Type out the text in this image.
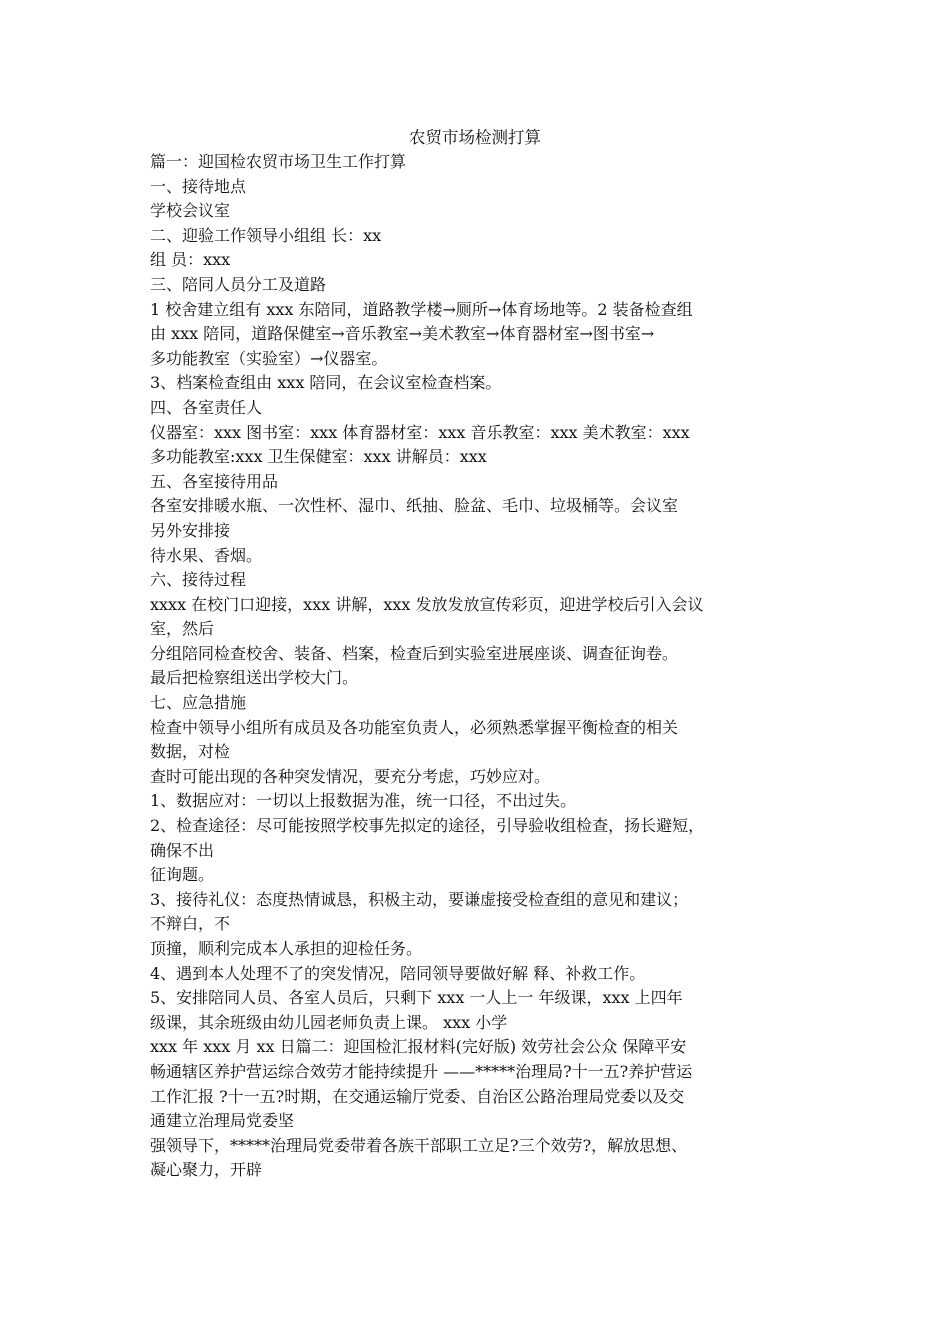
农贸市场检测打算
篇一：迎国检农贸市场卫生工作打算
一、接待地点
学校会议室
二、迎验工作领导小组组 长：xx
组 员：xxx
三、陪同人员分工及道路
1 校舍建立组有 xxx 东陪同，道路教学楼→厕所→体育场地等。2 装备检查组
由 xxx 陪同，道路保健室→音乐教室→美术教室→体育器材室→图书室→
多功能教室（实验室）→仪器室。
3、档案检查组由 xxx 陪同，在会议室检查档案。
四、各室责任人
仪器室：xxx 图书室：xxx 体育器材室：xxx 音乐教室：xxx 美术教室：xxx
多功能教室:xxx 卫生保健室：xxx 讲解员：xxx
五、各室接待用品
各室安排暖水瓶、一次性杯、湿巾、纸抽、脸盆、毛巾、垃圾桶等。会议室
另外安排接
待水果、香烟。
六、接待过程
xxxx 在校门口迎接，xxx 讲解，xxx 发放发放宣传彩页，迎进学校后引入会议
室，然后
分组陪同检查校舍、装备、档案，检查后到实验室进展座谈、调查征询卷。
最后把检察组送出学校大门。
七、应急措施
检查中领导小组所有成员及各功能室负责人，必须熟悉掌握平衡检查的相关
数据，对检
查时可能出现的各种突发情况，要充分考虑，巧妙应对。
1、数据应对：一切以上报数据为准，统一口径，不出过失。
2、检查途径：尽可能按照学校事先拟定的途径，引导验收组检查，扬长避短，
确保不出
征询题。
3、接待礼仪：态度热情诚恳，积极主动，要谦虚接受检查组的意见和建议；
不辩白，不
顶撞，顺利完成本人承担的迎检任务。
4、遇到本人处理不了的突发情况，陪同领导要做好解 释、补救工作。
5、安排陪同人员、各室人员后，只剩下 xxx 一人上一 年级课，xxx 上四年
级课，其余班级由幼儿园老师负责上课。 xxx 小学
xxx 年 xxx 月 xx 日篇二：迎国检汇报材料(完好版) 效劳社会公众 保障平安
畅通辖区养护营运综合效劳才能持续提升 ——*****治理局?十一五?养护营运
工作汇报 ?十一五?时期，在交通运输厅党委、自治区公路治理局党委以及交
通建立治理局党委坚
强领导下，*****治理局党委带着各族干部职工立足?三个效劳?，解放思想、
凝心聚力，开辟
